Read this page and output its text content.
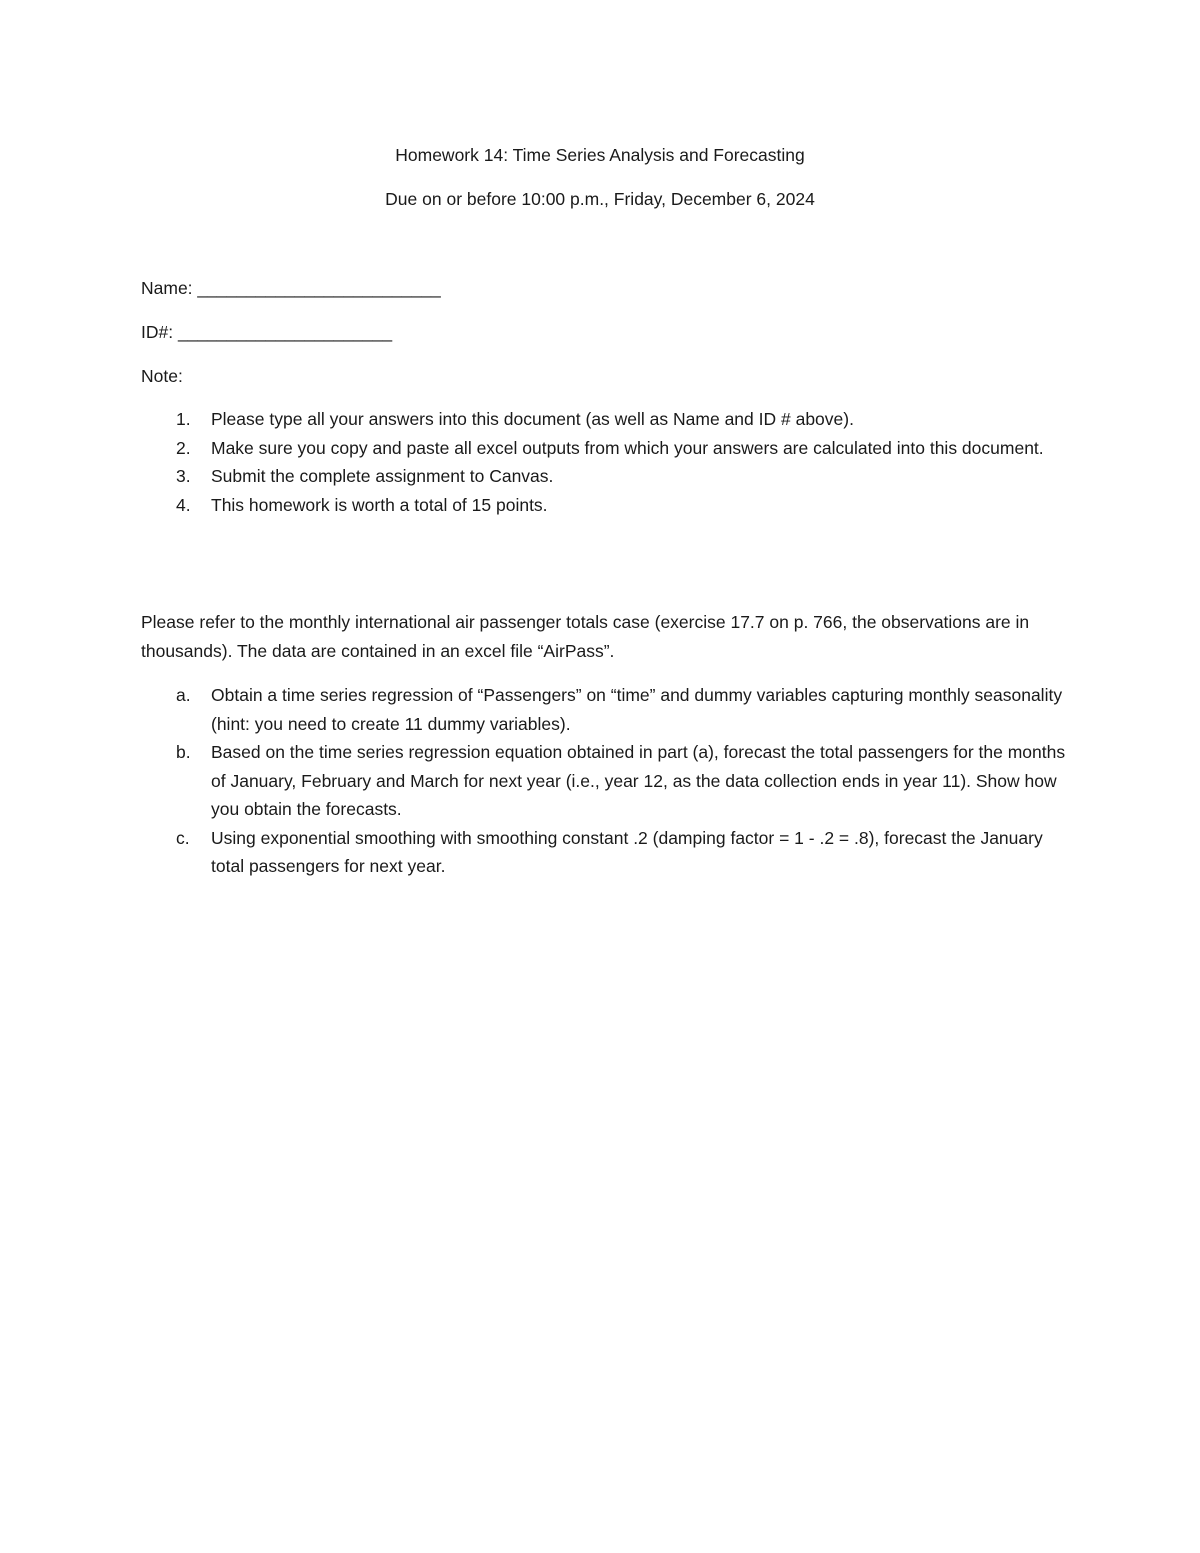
Homework 14: Time Series Analysis and Forecasting
Due on or before 10:00 p.m., Friday, December 6, 2024
Name: _________________________
ID#: ______________________
Note:
1. Please type all your answers into this document (as well as Name and ID # above).
2. Make sure you copy and paste all excel outputs from which your answers are calculated into this document.
3. Submit the complete assignment to Canvas.
4. This homework is worth a total of 15 points.

Please refer to the monthly international air passenger totals case (exercise 17.7 on p. 766, the observations are in thousands). The data are contained in an excel file “AirPass”.

a. Obtain a time series regression of “Passengers” on “time” and dummy variables capturing monthly seasonality (hint: you need to create 11 dummy variables).
b. Based on the time series regression equation obtained in part (a), forecast the total passengers for the months of January, February and March for next year (i.e., year 12, as the data collection ends in year 11). Show how you obtain the forecasts.
c. Using exponential smoothing with smoothing constant .2 (damping factor = 1 - .2 = .8), forecast the January total passengers for next year.
